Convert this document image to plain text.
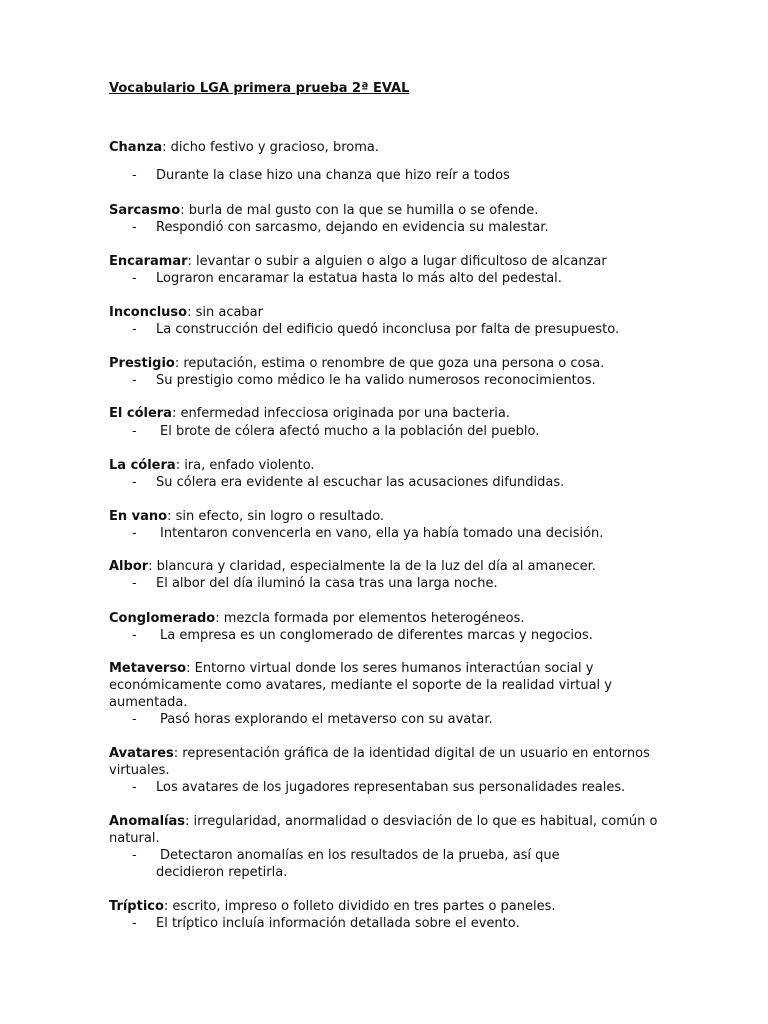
Vocabulario LGA primera prueba 2ª EVAL

Chanza: dicho festivo y gracioso, broma.

- Durante la clase hizo una chanza que hizo reír a todos

Sarcasmo: burla de mal gusto con la que se humilla o se ofende.

- Respondió con sarcasmo, dejando en evidencia su malestar.

Encaramar: levantar o subir a alguien o algo a lugar dificultoso de alcanzar

- Lograron encaramar la estatua hasta lo más alto del pedestal.

Inconcluso: sin acabar

- La construcción del edificio quedó inconclusa por falta de presupuesto.

Prestigio: reputación, estima o renombre de que goza una persona o cosa.

- Su prestigio como médico le ha valido numerosos reconocimientos.

El cólera: enfermedad infecciosa originada por una bacteria.

- El brote de cólera afectó mucho a la población del pueblo.

La cólera: ira, enfado violento.

- Su cólera era evidente al escuchar las acusaciones difundidas.

En vano: sin efecto, sin logro o resultado.

- Intentaron convencerla en vano, ella ya había tomado una decisión.

Albor: blancura y claridad, especialmente la de la luz del día al amanecer.

- El albor del día iluminó la casa tras una larga noche.

Conglomerado: mezcla formada por elementos heterogéneos.

- La empresa es un conglomerado de diferentes marcas y negocios.

Metaverso: Entorno virtual donde los seres humanos interactúan social y económicamente como avatares, mediante el soporte de la realidad virtual y aumentada.

- Pasó horas explorando el metaverso con su avatar.

Avatares: representación gráfica de la identidad digital de un usuario en entornos virtuales.

- Los avatares de los jugadores representaban sus personalidades reales.

Anomalías: irregularidad, anormalidad o desviación de lo que es habitual, común o natural.

- Detectaron anomalías en los resultados de la prueba, así que decidieron repetirla.

Tríptico: escrito, impreso o folleto dividido en tres partes o paneles.

- El tríptico incluía información detallada sobre el evento.
